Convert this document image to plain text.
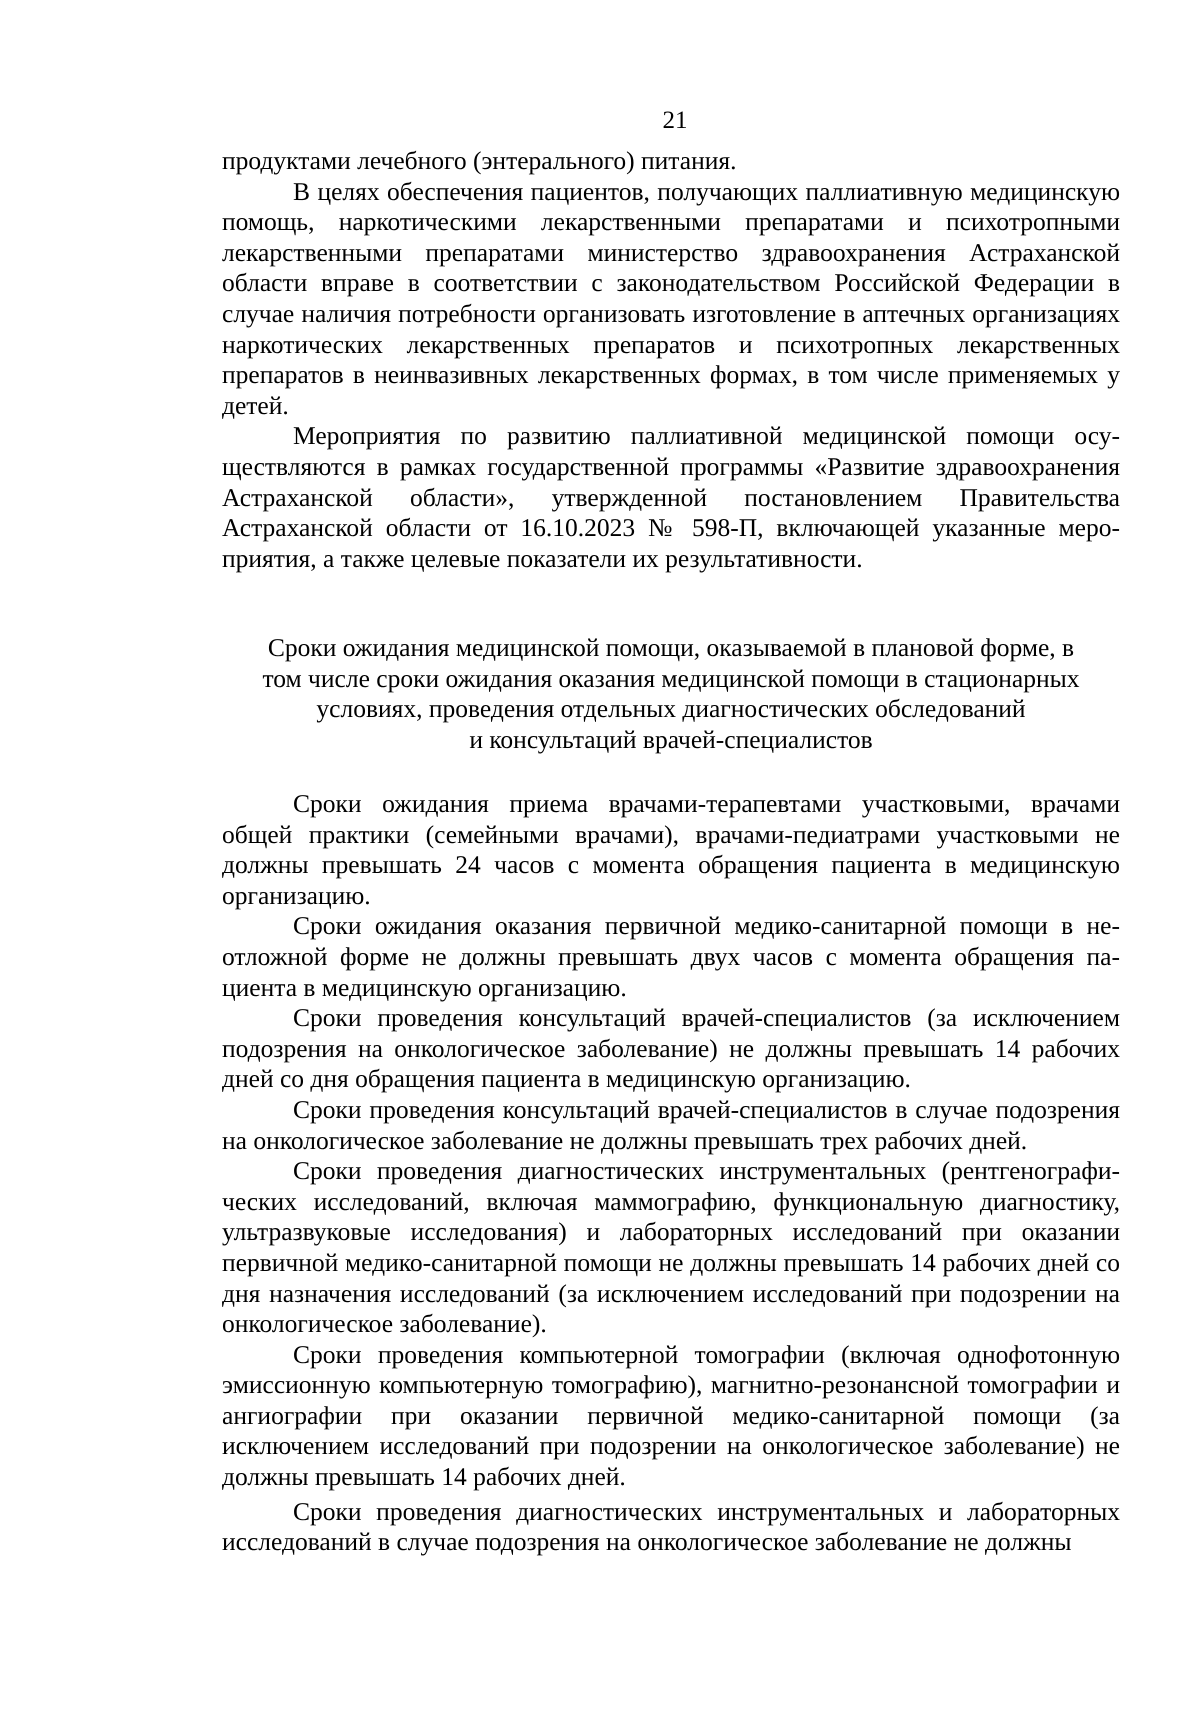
21

продуктами лечебного (энтерального) питания.

В целях обеспечения пациентов, получающих паллиативную медицинскую помощь, наркотическими лекарственными препаратами и психотропными лекарственными препаратами министерство здравоохранения Астраханской области вправе в соответствии с законодательством Российской Федерации в случае наличия потребности организовать изготовление в аптечных организациях наркотических лекарственных препаратов и психотропных лекарственных препаратов в неинвазивных лекарственных формах, в том числе применяемых у детей.

Мероприятия по развитию паллиативной медицинской помощи осуществляются в рамках государственной программы «Развитие здравоохранения Астраханской области», утвержденной постановлением Правительства Астраханской области от 16.10.2023 № 598-П, включающей указанные мероприятия, а также целевые показатели их результативности.

Сроки ожидания медицинской помощи, оказываемой в плановой форме, в
том числе сроки ожидания оказания медицинской помощи в стационарных
условиях, проведения отдельных диагностических обследований
и консультаций врачей-специалистов

Сроки ожидания приема врачами-терапевтами участковыми, врачами общей практики (семейными врачами), врачами-педиатрами участковыми не должны превышать 24 часов с момента обращения пациента в медицинскую организацию.

Сроки ожидания оказания первичной медико-санитарной помощи в неотложной форме не должны превышать двух часов с момента обращения пациента в медицинскую организацию.

Сроки проведения консультаций врачей-специалистов (за исключением подозрения на онкологическое заболевание) не должны превышать 14 рабочих дней со дня обращения пациента в медицинскую организацию.

Сроки проведения консультаций врачей-специалистов в случае подозрения на онкологическое заболевание не должны превышать трех рабочих дней.

Сроки проведения диагностических инструментальных (рентгенографических исследований, включая маммографию, функциональную диагностику, ультразвуковые исследования) и лабораторных исследований при оказании первичной медико-санитарной помощи не должны превышать 14 рабочих дней со дня назначения исследований (за исключением исследований при подозрении на онкологическое заболевание).

Сроки проведения компьютерной томографии (включая однофотонную эмиссионную компьютерную томографию), магнитно-резонансной томографии и ангиографии при оказании первичной медико-санитарной помощи (за исключением исследований при подозрении на онкологическое заболевание) не должны превышать 14 рабочих дней.

Сроки проведения диагностических инструментальных и лабораторных исследований в случае подозрения на онкологическое заболевание не должны
